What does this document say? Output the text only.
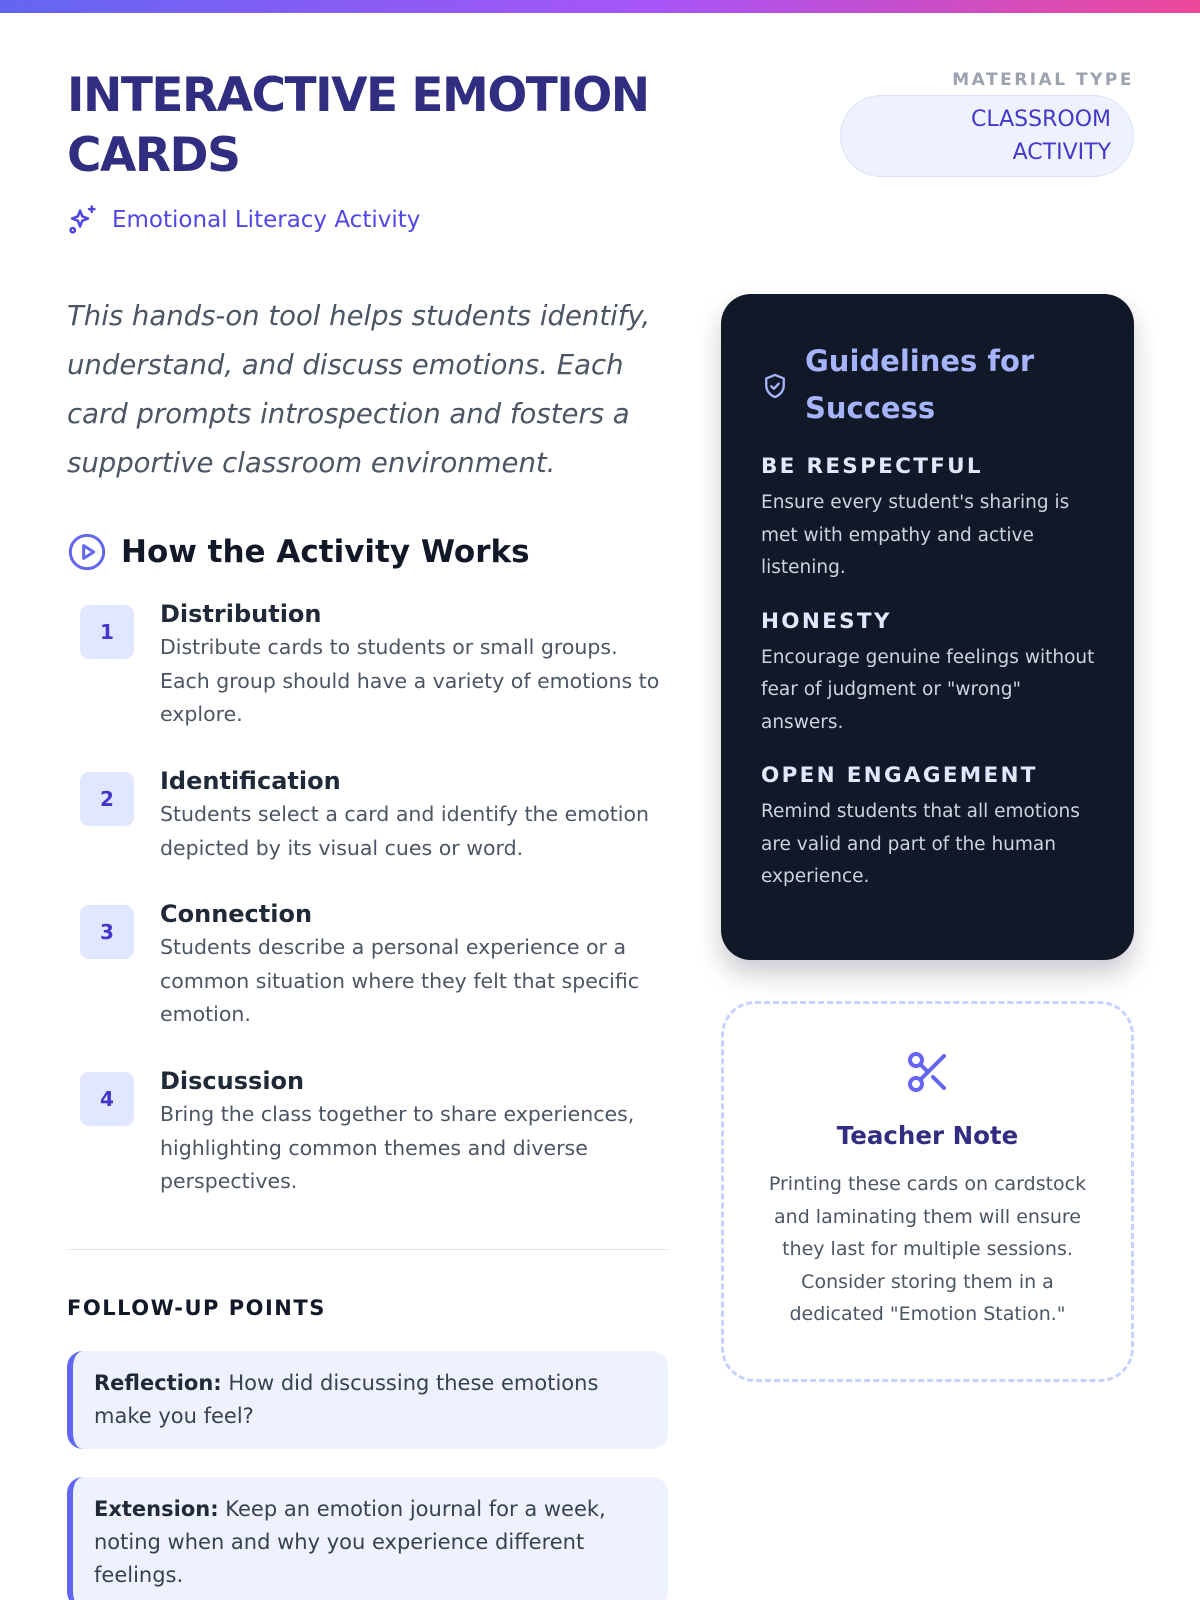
INTERACTIVE EMOTION CARDS
Emotional Literacy Activity
MATERIAL TYPE
CLASSROOM ACTIVITY

This hands-on tool helps students identify, understand, and discuss emotions. Each card prompts introspection and fosters a supportive classroom environment.

How the Activity Works
1
Distribution
Distribute cards to students or small groups. Each group should have a variety of emotions to explore.
2
Identification
Students select a card and identify the emotion depicted by its visual cues or word.
3
Connection
Students describe a personal experience or a common situation where they felt that specific emotion.
4
Discussion
Bring the class together to share experiences, highlighting common themes and diverse perspectives.
FOLLOW-UP POINTS
Reflection: How did discussing these emotions make you feel?
Extension: Keep an emotion journal for a week, noting when and why you experience different feelings.
Guidelines for Success
BE RESPECTFUL
Ensure every student's sharing is met with empathy and active listening.
HONESTY
Encourage genuine feelings without fear of judgment or "wrong" answers.
OPEN ENGAGEMENT
Remind students that all emotions are valid and part of the human experience.
Teacher Note

Printing these cards on cardstock and laminating them will ensure they last for multiple sessions. Consider storing them in a dedicated "Emotion Station."
